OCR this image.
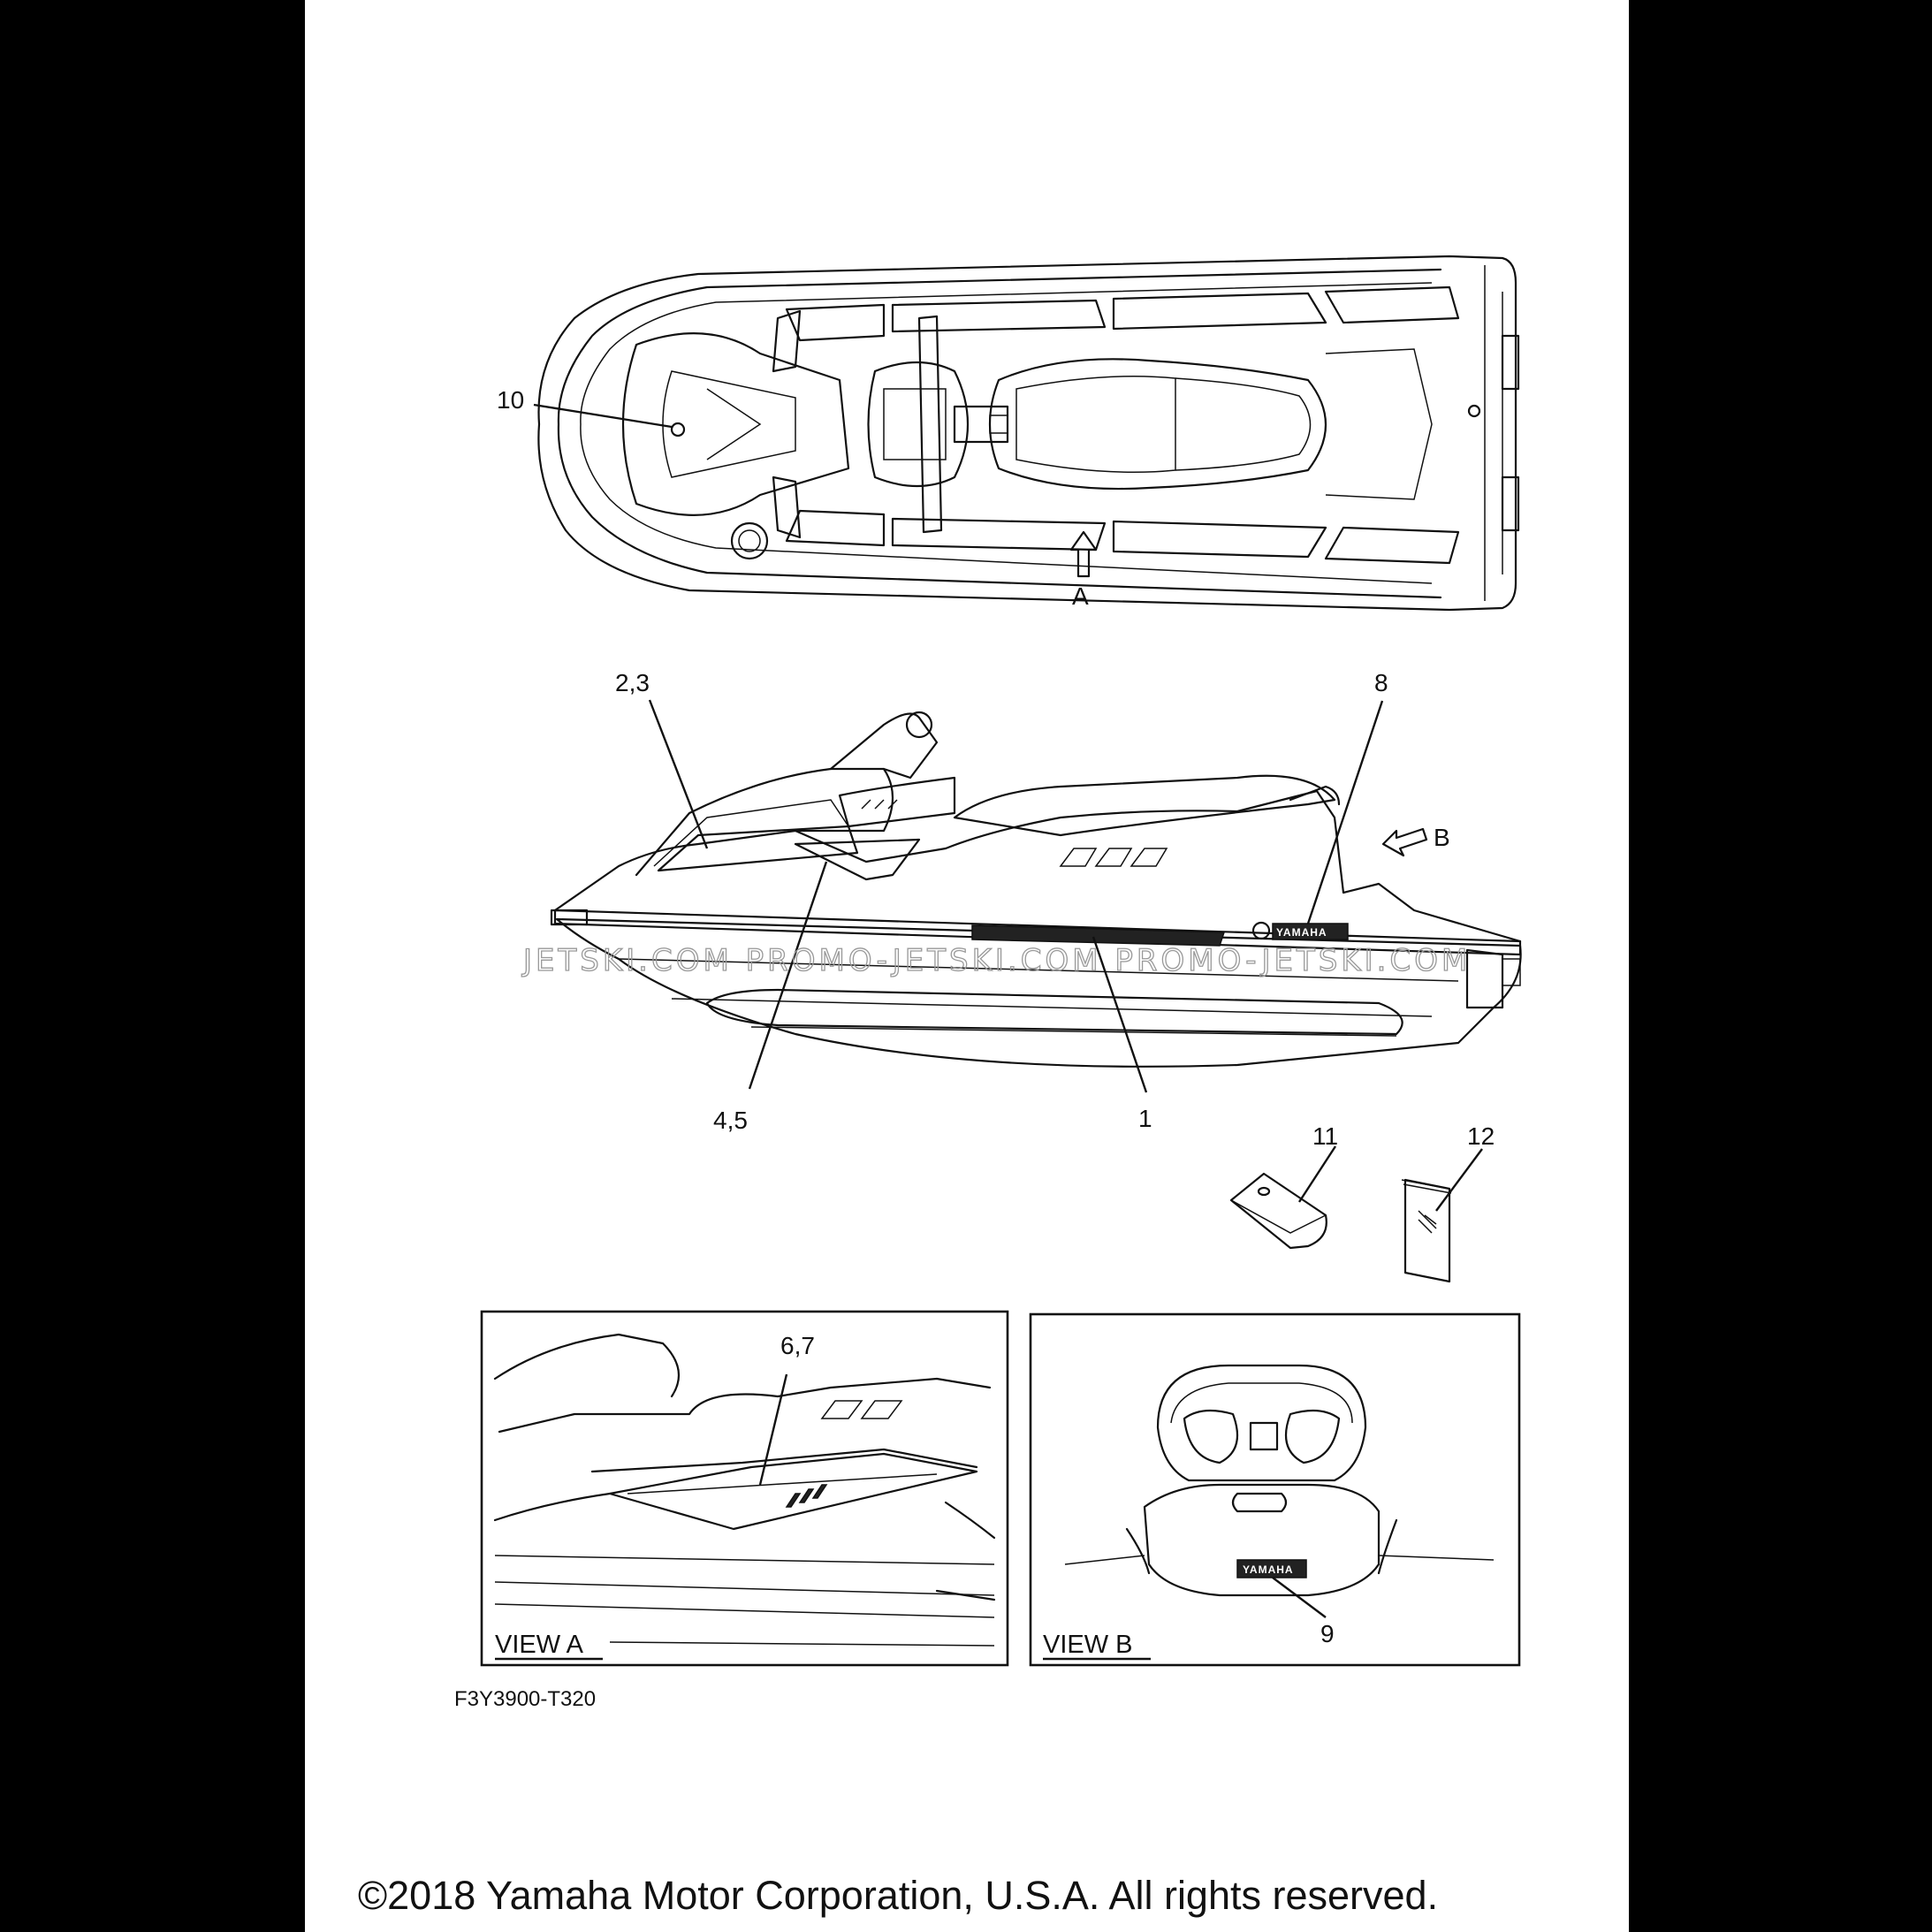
10
A
YAMAHA
2,3
4,5	1
8
B
JETSKI.COM PROMO-JETSKI.COM PROMO-JETSKI.COM
11	12
6,7
VIEW A
YAMAHA
9
VIEW B
F3Y3900-T320
©2018 Yamaha Motor Corporation, U.S.A. All rights reserved.
